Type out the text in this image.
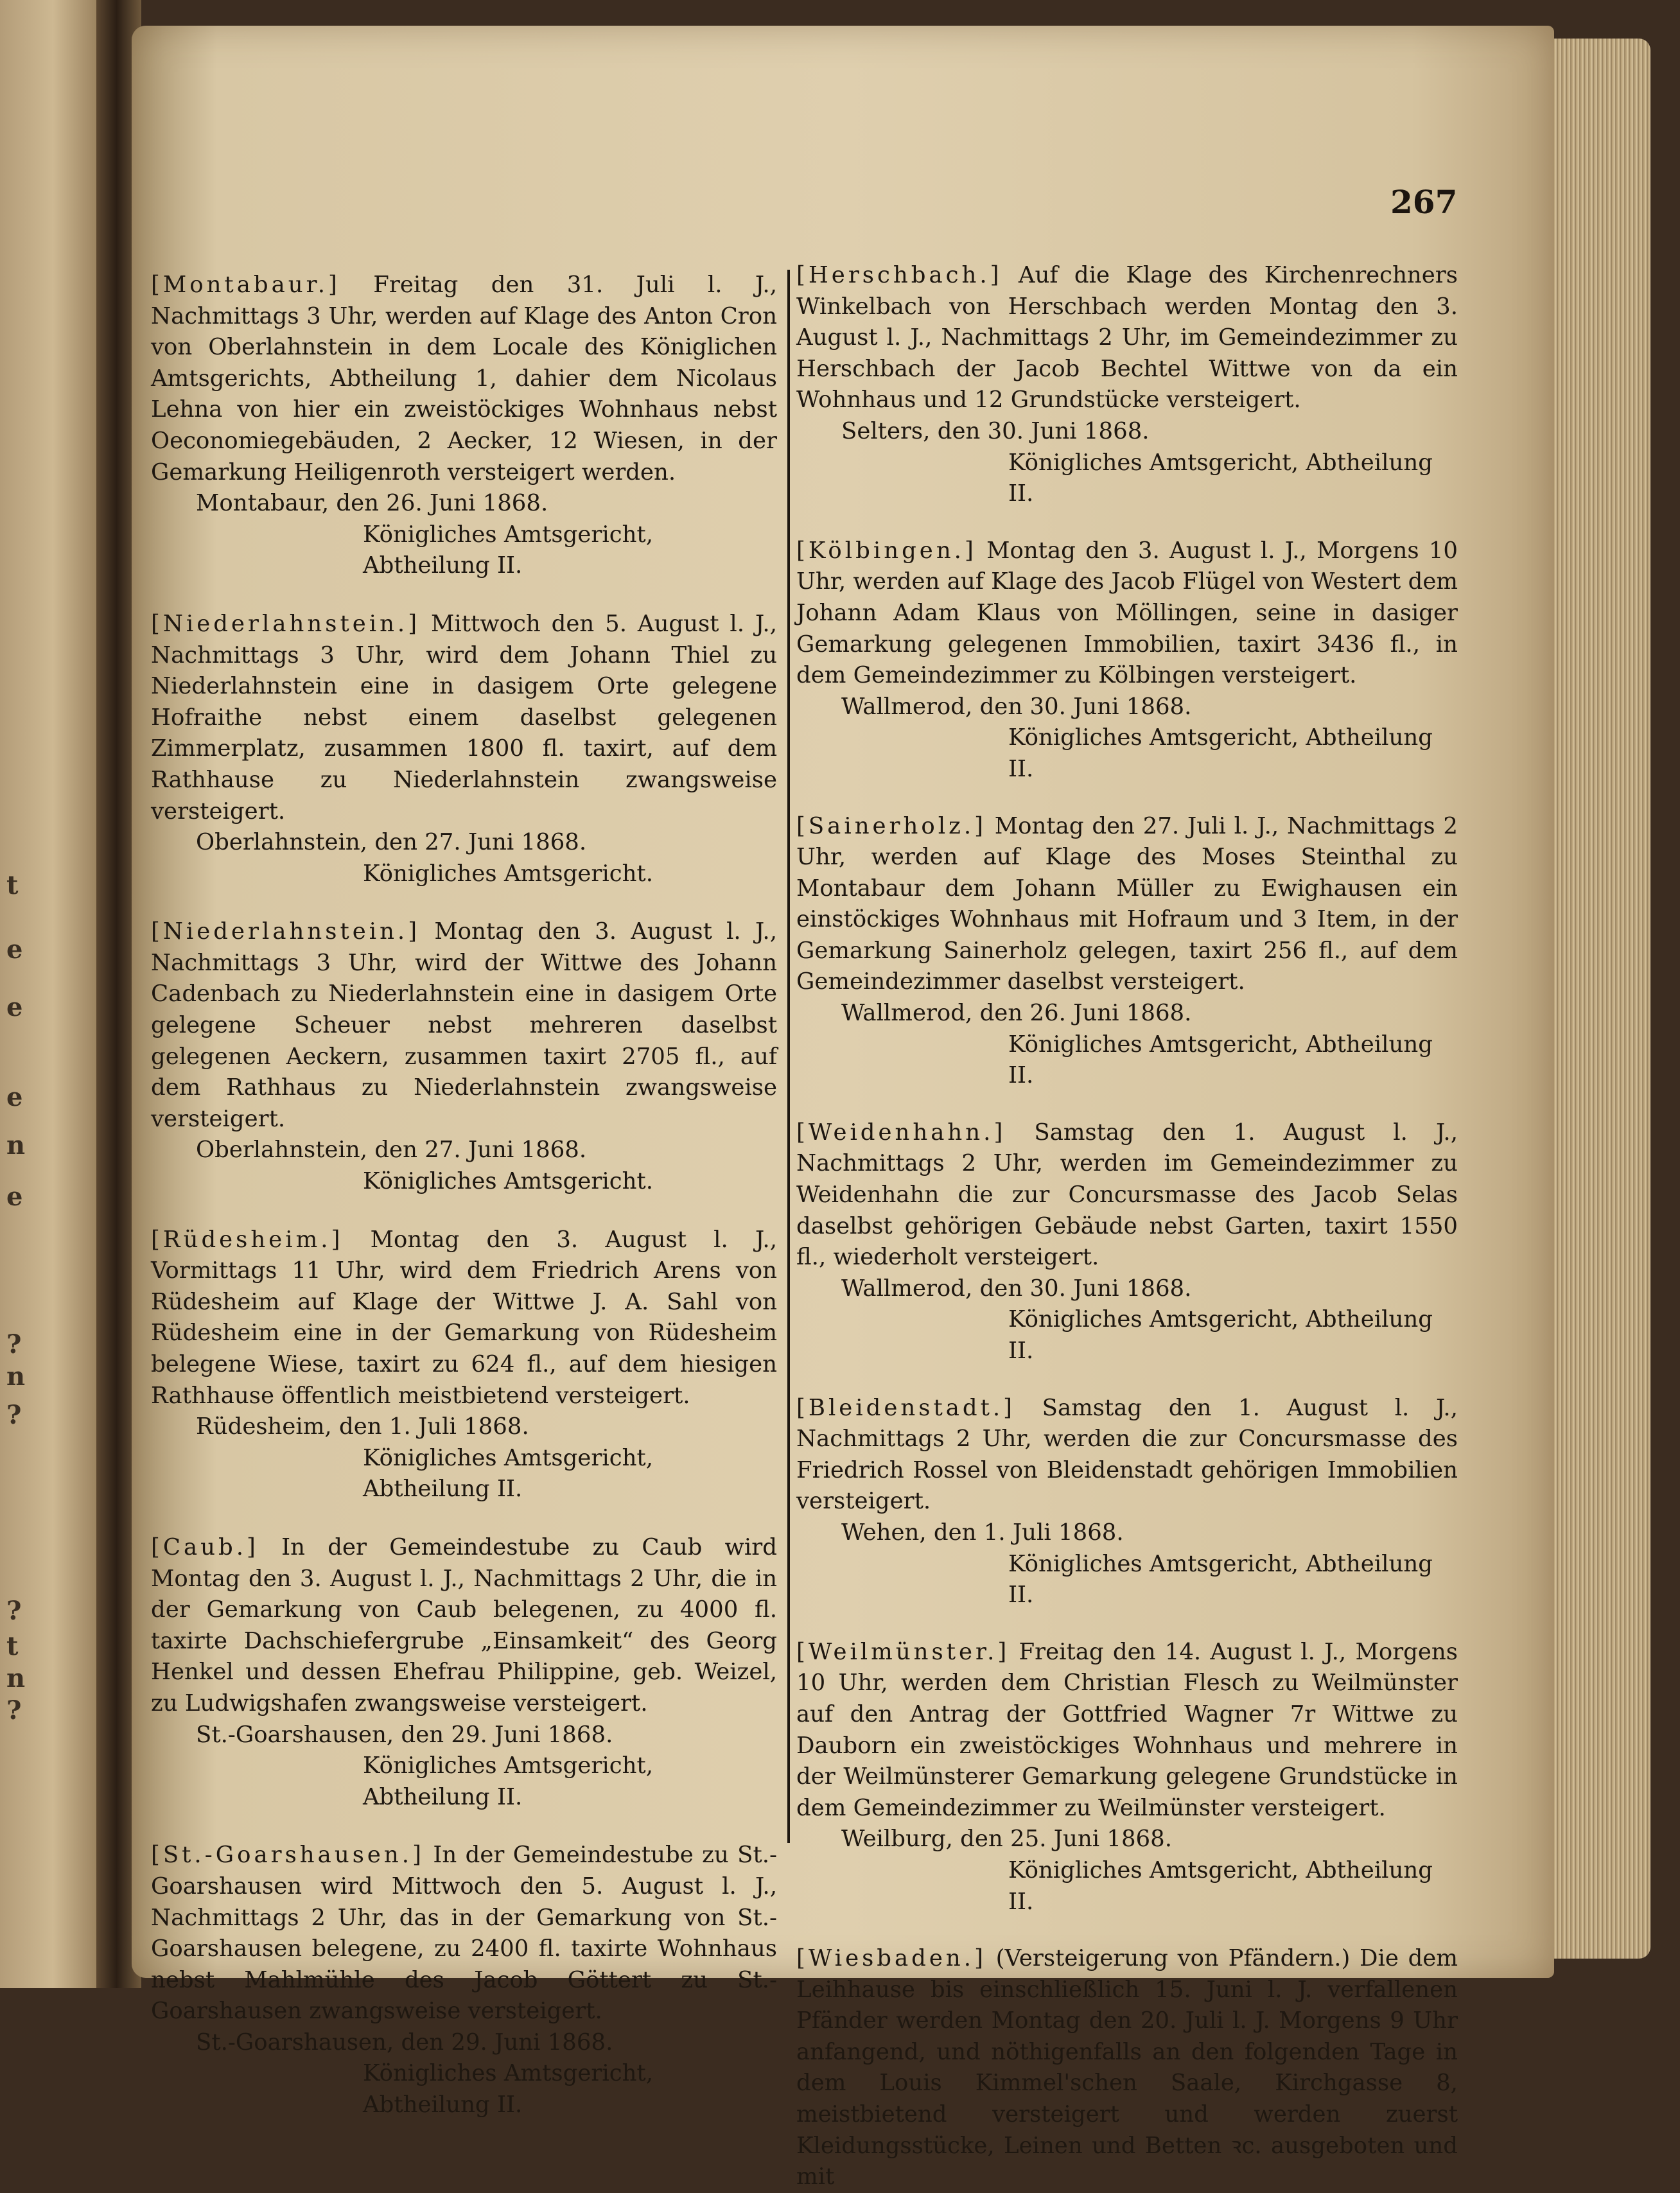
t
e
e
e
n
e
?
n
?
?
t
n
?
267

[Montabaur.] Freitag den 31. Juli l. J., Nachmittags 3 Uhr, werden auf Klage des Anton Cron von Oberlahnstein in dem Locale des Königlichen Amtsgerichts, Abtheilung 1, dahier dem Nicolaus Lehna von hier ein zweistöckiges Wohnhaus nebst Oeconomiegebäuden, 2 Aecker, 12 Wiesen, in der Gemarkung Heiligenroth versteigert werden.

Montabaur, den 26. Juni 1868.

Königliches Amtsgericht, Abtheilung II.

[Niederlahnstein.] Mittwoch den 5. August l. J., Nachmittags 3 Uhr, wird dem Johann Thiel zu Niederlahnstein eine in dasigem Orte gelegene Hofraithe nebst einem daselbst gelegenen Zimmerplatz, zusammen 1800 fl. taxirt, auf dem Rathhause zu Niederlahnstein zwangsweise versteigert.

Oberlahnstein, den 27. Juni 1868.

Königliches Amtsgericht.

[Niederlahnstein.] Montag den 3. August l. J., Nachmittags 3 Uhr, wird der Wittwe des Johann Cadenbach zu Niederlahnstein eine in dasigem Orte gelegene Scheuer nebst mehreren daselbst gelegenen Aeckern, zusammen taxirt 2705 fl., auf dem Rathhaus zu Niederlahnstein zwangsweise versteigert.

Oberlahnstein, den 27. Juni 1868.

Königliches Amtsgericht.

[Rüdesheim.] Montag den 3. August l. J., Vormittags 11 Uhr, wird dem Friedrich Arens von Rüdesheim auf Klage der Wittwe J. A. Sahl von Rüdesheim eine in der Gemarkung von Rüdesheim belegene Wiese, taxirt zu 624 fl., auf dem hiesigen Rathhause öffentlich meistbietend versteigert.

Rüdesheim, den 1. Juli 1868.

Königliches Amtsgericht, Abtheilung II.

[Caub.] In der Gemeindestube zu Caub wird Montag den 3. August l. J., Nachmittags 2 Uhr, die in der Gemarkung von Caub belegenen, zu 4000 fl. taxirte Dachschiefergrube „Einsamkeit“ des Georg Henkel und dessen Ehefrau Philippine, geb. Weizel, zu Ludwigshafen zwangsweise versteigert.

St.-Goarshausen, den 29. Juni 1868.

Königliches Amtsgericht, Abtheilung II.

[St.-Goarshausen.] In der Gemeindestube zu St.-Goarshausen wird Mittwoch den 5. August l. J., Nachmittags 2 Uhr, das in der Gemarkung von St.-Goarshausen belegene, zu 2400 fl. taxirte Wohnhaus nebst Mahlmühle des Jacob Göttert zu St.-Goarshausen zwangsweise versteigert.

St.-Goarshausen, den 29. Juni 1868.

Königliches Amtsgericht, Abtheilung II.

[Herschbach.] Auf die Klage des Kirchenrechners Winkelbach von Herschbach werden Montag den 3. August l. J., Nachmittags 2 Uhr, im Gemeindezimmer zu Herschbach der Jacob Bechtel Wittwe von da ein Wohnhaus und 12 Grundstücke versteigert.

Selters, den 30. Juni 1868.

Königliches Amtsgericht, Abtheilung II.

[Kölbingen.] Montag den 3. August l. J., Morgens 10 Uhr, werden auf Klage des Jacob Flügel von Westert dem Johann Adam Klaus von Möllingen, seine in dasiger Gemarkung gelegenen Immobilien, taxirt 3436 fl., in dem Gemeindezimmer zu Kölbingen versteigert.

Wallmerod, den 30. Juni 1868.

Königliches Amtsgericht, Abtheilung II.

[Sainerholz.] Montag den 27. Juli l. J., Nachmittags 2 Uhr, werden auf Klage des Moses Steinthal zu Montabaur dem Johann Müller zu Ewighausen ein einstöckiges Wohnhaus mit Hofraum und 3 Item, in der Gemarkung Sainerholz gelegen, taxirt 256 fl., auf dem Gemeindezimmer daselbst versteigert.

Wallmerod, den 26. Juni 1868.

Königliches Amtsgericht, Abtheilung II.

[Weidenhahn.] Samstag den 1. August l. J., Nachmittags 2 Uhr, werden im Gemeindezimmer zu Weidenhahn die zur Concursmasse des Jacob Selas daselbst gehörigen Gebäude nebst Garten, taxirt 1550 fl., wiederholt versteigert.

Wallmerod, den 30. Juni 1868.

Königliches Amtsgericht, Abtheilung II.

[Bleidenstadt.] Samstag den 1. August l. J., Nachmittags 2 Uhr, werden die zur Concursmasse des Friedrich Rossel von Bleidenstadt gehörigen Immobilien versteigert.

Wehen, den 1. Juli 1868.

Königliches Amtsgericht, Abtheilung II.

[Weilmünster.] Freitag den 14. August l. J., Morgens 10 Uhr, werden dem Christian Flesch zu Weilmünster auf den Antrag der Gottfried Wagner 7r Wittwe zu Dauborn ein zweistöckiges Wohnhaus und mehrere in der Weilmünsterer Gemarkung gelegene Grundstücke in dem Gemeindezimmer zu Weilmünster versteigert.

Weilburg, den 25. Juni 1868.

Königliches Amtsgericht, Abtheilung II.

[Wiesbaden.] (Versteigerung von Pfändern.) Die dem Leihhause bis einschließlich 15. Juni l. J. verfallenen Pfänder werden Montag den 20. Juli l. J. Morgens 9 Uhr anfangend, und nöthigenfalls an den folgenden Tage in dem Louis Kimmel'schen Saale, Kirchgasse 8, meistbietend versteigert und werden zuerst Kleidungsstücke, Leinen und Betten ꝛc. ausgeboten und mit
